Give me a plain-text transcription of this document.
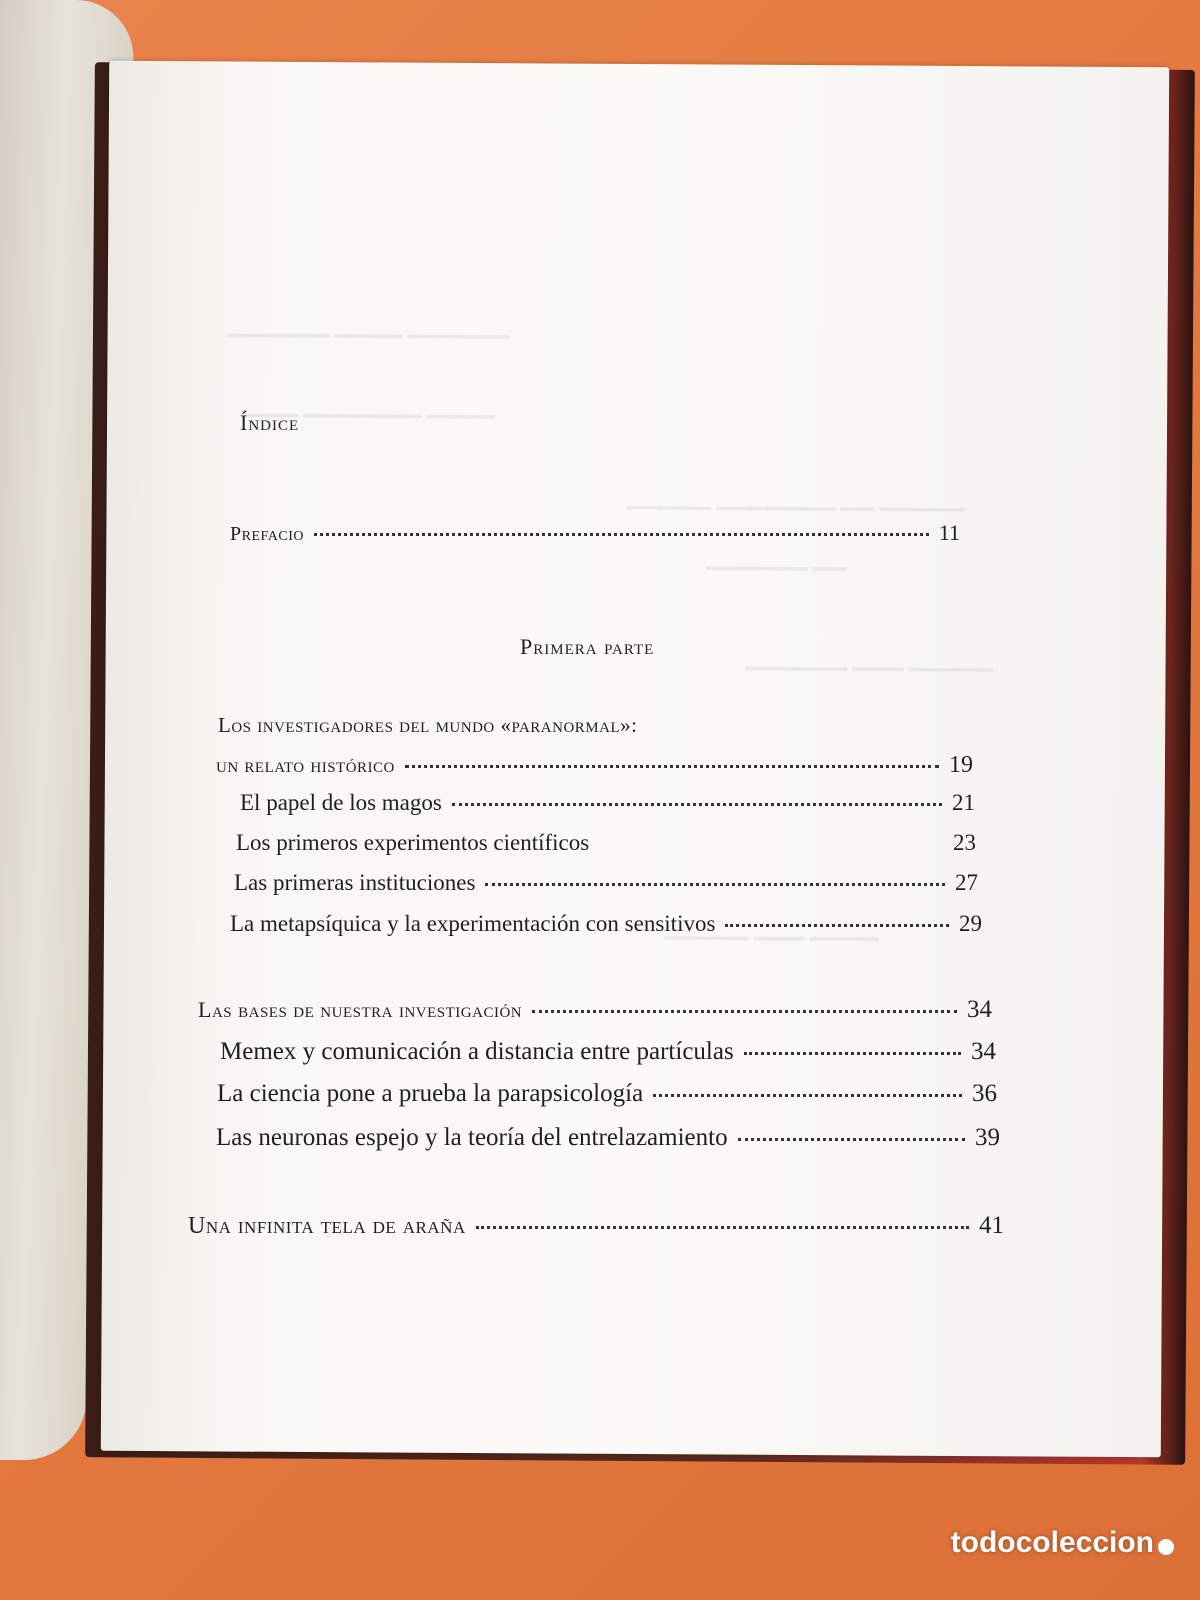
▁▁▁▁▁▁ ▁▁▁▁ ▁▁▁▁▁▁
▁▁▁ ▁▁▁▁▁▁▁ ▁▁▁▁
▁▁▁▁▁ ▁▁▁▁▁▁▁ ▁▁ ▁▁▁▁▁
▁▁▁▁▁▁ ▁▁
▁▁▁▁▁▁ ▁▁▁ ▁▁▁▁▁
▁▁▁▁▁ ▁▁▁ ▁▁▁▁
Índice
Prefacio	11
Primera parte
Los investigadores del mundo «paranormal»:
un relato histórico	19
El papel de los magos	21
Los primeros experimentos científicos	23
Las primeras instituciones	27
La metapsíquica y la experimentación con sensitivos	29
Las bases de nuestra investigación	34
Memex y comunicación a distancia entre partículas	34
La ciencia pone a prueba la parapsicología	36
Las neuronas espejo y la teoría del entrelazamiento	39
Una infinita tela de araña	41
todocoleccion
